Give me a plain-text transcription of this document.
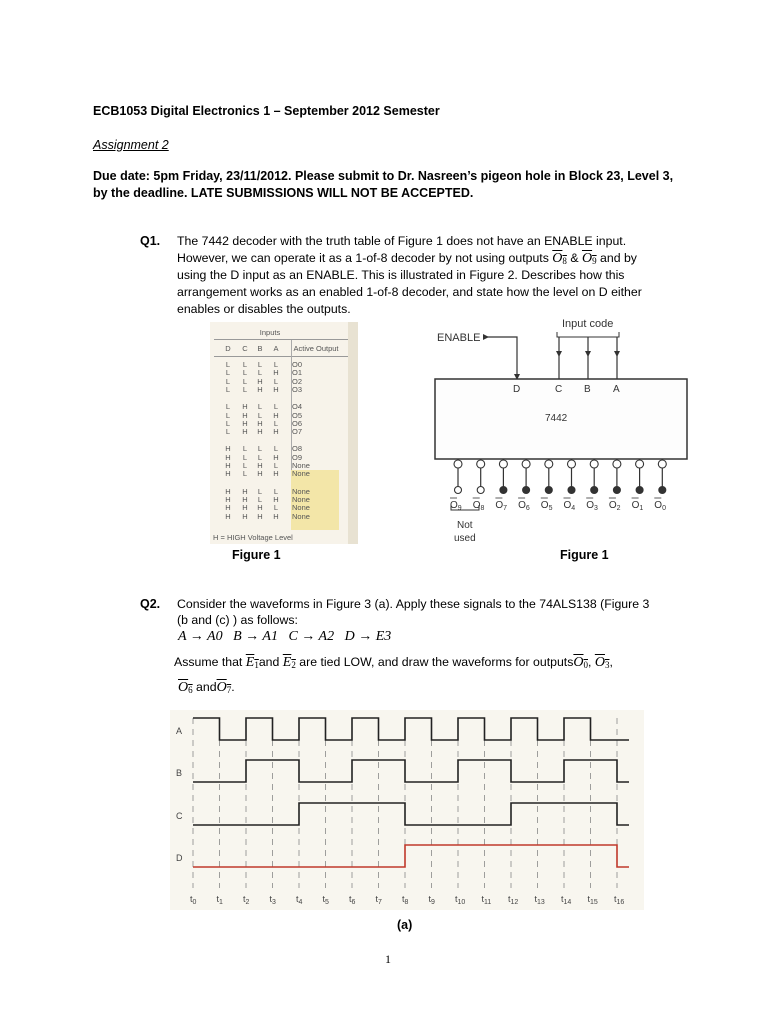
ECB1053 Digital Electronics 1 – September 2012 Semester
Assignment 2
Due date: 5pm Friday, 23/11/2012. Please submit to Dr. Nasreen’s pigeon hole in Block 23, Level 3,
by the deadline. LATE SUBMISSIONS WILL NOT BE ACCEPTED.
Q1. The 7442 decoder with the truth table of Figure 1 does not have an ENABLE input.
However, we can operate it as a 1-of-8 decoder by not using outputs $O_8$ & $O_9$ and by
using the D input as an ENABLE. This is illustrated in Figure 2. Describes how this
arrangement works as an enabled 1-of-8 decoder, and state how the level on D either
enables or disables the outputs.
Inputs
D	C	B	A	Active Output
L	L	L	L	O0
L	L	L	H	O1
L	L	H	L	O2
L	L	H	H	O3
L	H	L	L	O4
L	H	L	H	O5
L	H	H	L	O6
L	H	H	H	O7
H	L	L	L	O8
H	L	L	H	O9
H	L	H	L	None
H	L	H	H	None
H	H	L	L	None
H	H	L	H	None
H	H	H	L	None
H	H	H	H	None
H = HIGH Voltage Level
Figure 1
ENABLE
Input code
D	C B A
7442
$O_9$ $O_8$ $O_7$ $O_6$ $O_5$ $O_4$ $O_3$ $O_2$ $O_1$ $O_0$
Not
used
Figure 1
Q2. Consider the waveforms in Figure 3 (a). Apply these signals to the 74ALS138 (Figure 3
(b and (c) ) as follows:
A → A0   B → A1   C → A2   D → E3
Assume that $E_1and$ $E_2$ are tied LOW, and draw the waveforms for outputsO$_0$, $O_3$,
$O_6$ andO$_7$.
A
B
C
D
$t_0$ $t_1$ $t_2$ $t_3$ $t_4$ $t_5$ $t_6$ $t_7$ $t_8$ $t_9$ $t_{10}$ $t_{11}$ $t_{12}$ $t_{13}$ $t_{14}$ $t_{15}$ $t_{16}$
(a)
1
